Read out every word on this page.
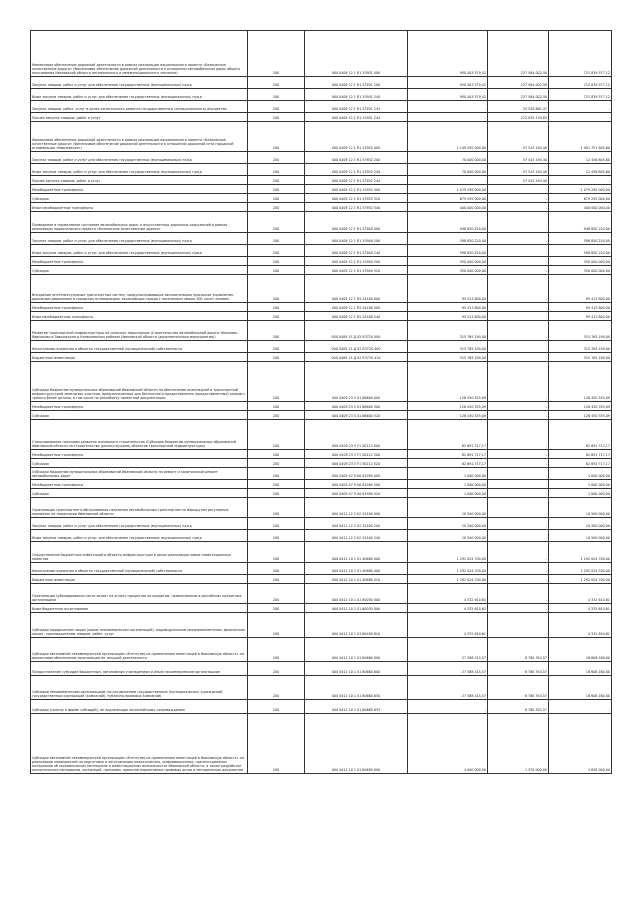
Финансовое обеспечение дорожной деятельности в рамках реализации национального проекта «Безопасные качественные дороги» (Финансовое обеспечение дорожной деятельности в отношении автомобильных дорог общего пользования Ивановской области регионального и межмуниципального значения)	200	000 0409 12 1 R1 53931 000	950 403 579,42	237 564 002,30	712 839 577,12
Закупка товаров, работ и услуг для обеспечения государственных (муниципальных) нужд	200	000 0409 12 1 R1 53931 200	950 403 579,42	237 564 002,30	712 839 577,12
Иные закупки товаров, работ и услуг для обеспечения государственных (муниципальных) нужд	200	000 0409 12 1 R1 53931 240	950 403 579,42	237 564 002,30	712 839 577,12
Закупка товаров, работ, услуг в целях капитального ремонта государственного (муниципального) имущества	200	000 0409 12 1 R1 53931 243	-	25 528 862,47	-
Прочая закупка товаров, работ и услуг	200	000 0409 12 1 R1 53931 244	-	212 035 139,83	-
Финансовое обеспечение дорожной деятельности в рамках реализации национального проекта «Безопасные качественные дороги» (Финансовое обеспечение дорожной деятельности в отношении дорожной сети городской агломерации «Ивановская»)	200	000 0409 12 1 R1 53932 000	1 149 295 000,00	57 543 194,40	1 091 751 805,60
Закупка товаров, работ и услуг для обеспечения государственных (муниципальных) нужд	200	000 0409 12 1 R1 53932 200	70 000 000,00	57 543 194,40	12 456 805,60
Иные закупки товаров, работ и услуг для обеспечения государственных (муниципальных) нужд	200	000 0409 12 1 R1 53932 240	70 000 000,00	57 543 194,40	12 456 805,60
Прочая закупка товаров, работ и услуг	200	000 0409 12 1 R1 53932 244	-	57 543 194,40	-
Межбюджетные трансферты	200	000 0409 12 1 R1 53932 500	1 079 295 000,00	-	1 079 295 000,00
Субсидии	200	000 0409 12 1 R1 53932 520	679 295 000,00	-	679 295 000,00
Иные межбюджетные трансферты	200	000 0409 12 1 R1 53932 540	400 000 000,00	-	400 000 000,00
Приведение в нормативное состояние автомобильных дорог и искусственных дорожных сооружений в рамках реализации национального проекта «Безопасные качественные дороги»	200	000 0409 12 1 R1 53940 000	948 850 220,00	-	948 850 220,00
Закупка товаров, работ и услуг для обеспечения государственных (муниципальных) нужд	200	000 0409 12 1 R1 53940 200	598 850 220,00	-	598 850 220,00
Иные закупки товаров, работ и услуг для обеспечения государственных (муниципальных) нужд	200	000 0409 12 1 R1 53940 240	598 850 220,00	-	598 850 220,00
Межбюджетные трансферты	200	000 0409 12 1 R1 53940 500	350 000 000,00	-	350 000 000,00
Субсидии	200	000 0409 12 1 R1 53940 520	350 000 000,00	-	350 000 000,00
Внедрение интеллектуальных транспортных систем, предусматривающих автоматизацию процессов управления дорожным движением в городских агломерациях, включающих города с населением свыше 300 тысяч человек	200	000 0409 12 1 R2 54180 000	95 413 800,00	-	95 413 800,00
Межбюджетные трансферты	200	000 0409 12 1 R2 54180 500	95 413 800,00	-	95 413 800,00
Иные межбюджетные трансферты	200	000 0409 12 1 R2 54180 540	95 413 800,00	-	95 413 800,00
Развитие транспортной инфраструктуры на сельских территориях (Строительство автомобильной дороги Жажлево - Иваньково в Заволжском и Кинешемском районах Ивановской области (дополнительные мероприятия))	200	000 0409 13 Д 02 R3720 000	315 765 190,00	-	315 765 190,00
Капитальные вложения в объекты государственной (муниципальной) собственности	200	000 0409 13 Д 02 R3720 400	315 765 190,00	-	315 765 190,00
Бюджетные инвестиции	200	000 0409 13 Д 02 R3720 410	315 765 190,00	-	315 765 190,00
Субсидии бюджетам муниципальных образований Ивановской области на обеспечение инженерной и транспортной инфраструктурой земельных участков, предназначенных для бесплатного предоставления (предоставленных) семьям с тремя и более детьми, в том числе на разработку проектной документации	200	000 0409 23 5 01 86600 000	126 450 555,09	-	126 450 555,09
Межбюджетные трансферты	200	000 0409 23 5 01 86600 500	126 450 555,09	-	126 450 555,09
Субсидии	200	000 0409 23 5 01 86600 520	126 450 555,09	-	126 450 555,09
Стимулирование программ развития жилищного строительства (Субсидия бюджетам муниципальных образований Ивановской области на строительство (реконструкцию) объектов транспортной инфраструктуры)	200	000 0409 23 5 F1 50212 000	82 691 717,17	-	82 691 717,17
Межбюджетные трансферты	200	000 0409 23 5 F1 50212 500	82 691 717,17	-	82 691 717,17
Субсидии	200	000 0409 23 5 F1 50212 520	82 691 717,17	-	82 691 717,17
Субсидии бюджетам муниципальных образований Ивановской области на ремонт и капитальный ремонт автомобильных дорог	200	000 0409 47 9 00 81990 000	1 000 000,00	-	1 000 000,00
Межбюджетные трансферты	200	000 0409 47 9 00 81990 500	1 000 000,00	-	1 000 000,00
Субсидии	200	000 0409 47 9 00 81990 520	1 000 000,00	-	1 000 000,00
Организация транспортного обслуживания населения автомобильным транспортом по маршрутам регулярных перевозок на территории Ивановской области	200	000 0411 12 2 02 25400 000	10 500 000,00	-	10 500 000,00
Закупка товаров, работ и услуг для обеспечения государственных (муниципальных) нужд	200	000 0411 12 2 02 25400 200	10 500 000,00	-	10 500 000,00
Иные закупки товаров, работ и услуг для обеспечения государственных (муниципальных) нужд	200	000 0411 12 2 02 25400 240	10 500 000,00	-	10 500 000,00
Осуществление бюджетных инвестиций в объекты инфраструктуры в целях реализации новых инвестиционных проектов	200	000 0412 10 1 01 40680 000	1 292 024 700,00	-	1 292 024 700,00
Капитальные вложения в объекты государственной (муниципальной) собственности	200	000 0412 10 1 01 40680 400	1 292 024 700,00	-	1 292 024 700,00
Бюджетные инвестиции	200	000 0412 10 1 01 40680 410	1 292 024 700,00	-	1 292 024 700,00
Организация субсидирования части затрат на уплату процентов по кредитам, привлеченным в российских кредитных организациях	200	000 0412 10 1 01 60030 000	4 332 610,61	-	4 332 610,61
Иные бюджетные ассигнования	200	000 0412 10 1 01 60030 800	4 332 610,61	-	4 332 610,61
Субсидии юридическим лицам (кроме некоммерческих организаций), индивидуальным предпринимателям, физическим лицам - производителям товаров, работ, услуг	200	000 0412 10 1 01 60030 810	4 332 610,61	-	4 332 610,61
Субсидия автономной некоммерческой организации «Агентство по привлечению инвестиций в Ивановскую область» на финансовое обеспечение организации ее текущей деятельности	200	000 0412 10 1 01 60660 000	27 388 514,57	8 780 354,57	18 608 160,00
Предоставление субсидий бюджетным, автономным учреждениям и иным некоммерческим организациям	200	000 0412 10 1 01 60660 600	27 388 514,57	8 780 354,57	18 608 160,00
Субсидии некоммерческим организациям (за исключением государственных (муниципальных) учреждений, государственных корпораций (компаний), публично-правовых компаний)	200	000 0412 10 1 01 60660 630	27 388 514,57	8 780 354,57	18 608 160,00
Субсидии (гранты в форме субсидий), не подлежащие казначейскому сопровождению	200	000 0412 10 1 01 60660 633	-	8 780 354,57	-
Субсидия автономной некоммерческой организации «Агентство по привлечению инвестиций в Ивановскую область» на реализацию мероприятий по подготовке и изготовлению аналитических, информационных, презентационных материалов об экономическом потенциале и инвестиционных возможностях Ивановской области, а также разработке аналитических материалов, концепций, программ, проектов нормативных правовых актов и методических документов	200	000 0412 10 1 01 60690 000	4 000 000,00	1 370 000,00	2 630 000,00
